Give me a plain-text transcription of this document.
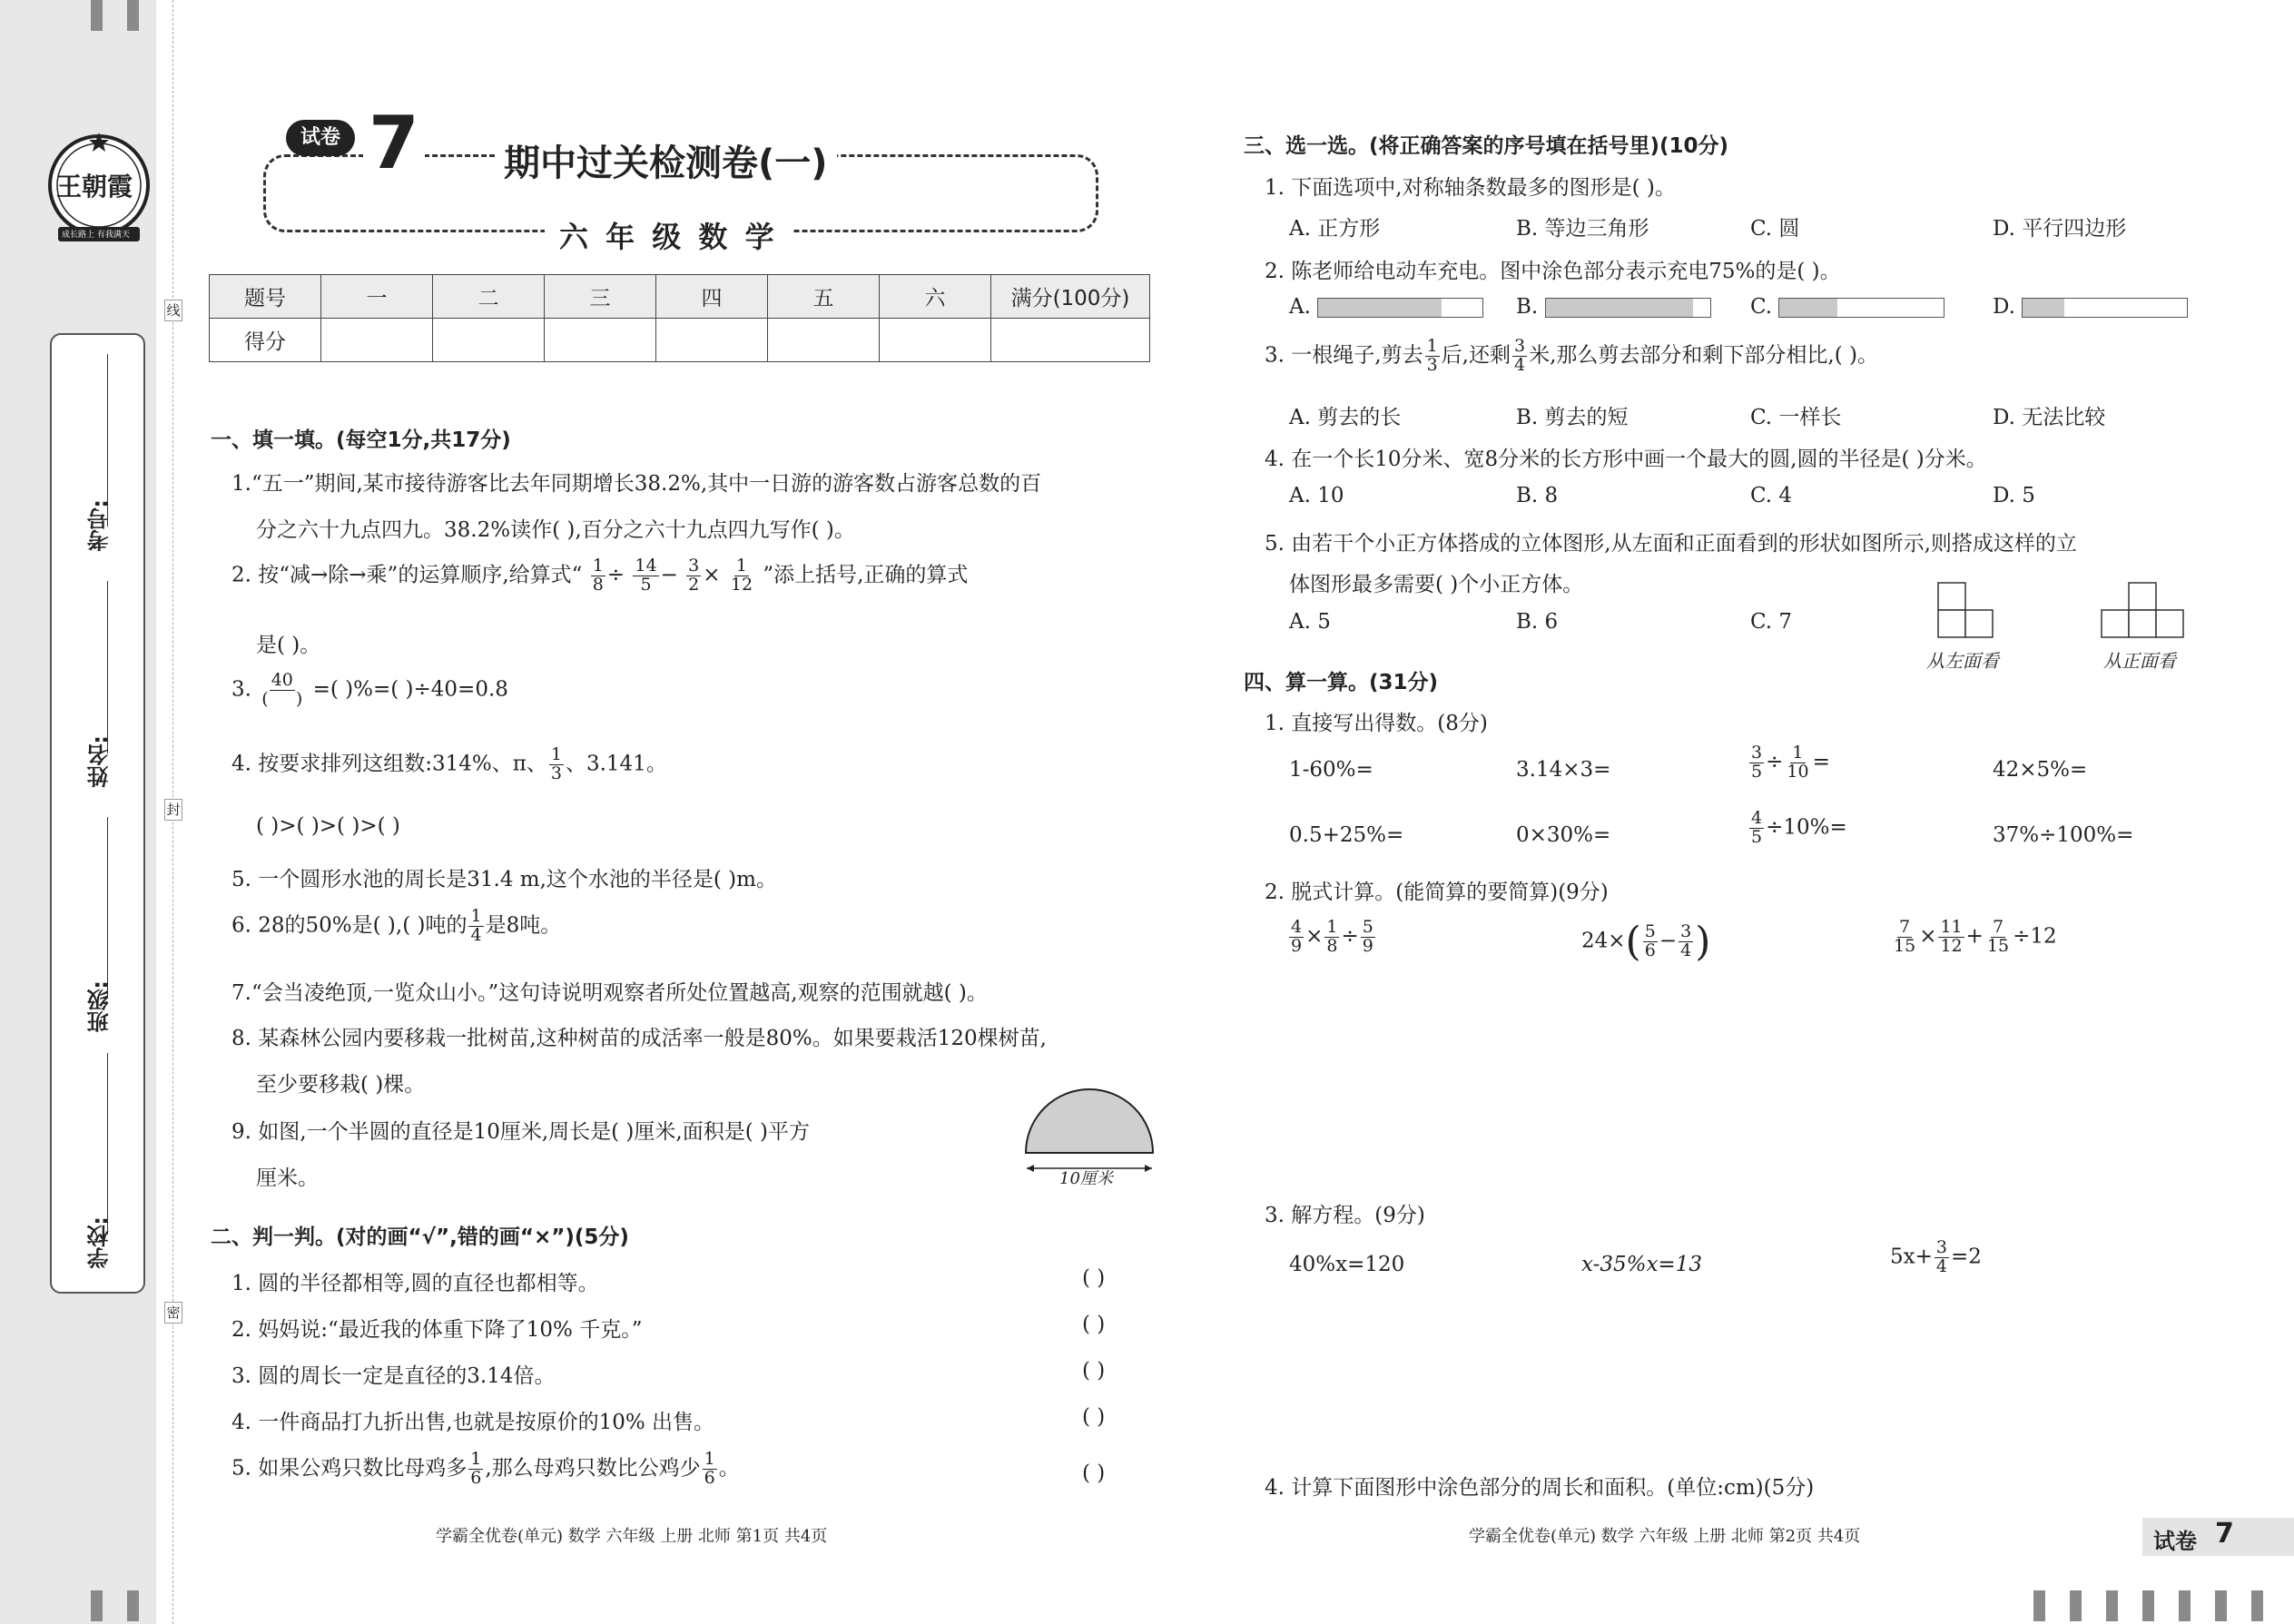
王朝霞
成长路上 有我满天
考号:
姓名:
班级:
学校:
线
封
密
试卷 7 期中过关检测卷(一)
六 年 级 数 学
题号	一	二	三	四	五	六	满分(100分)
得分							
一、填一填。(每空1分,共17分)
1.“五一”期间,某市接待游客比去年同期增长38.2%,其中一日游的游客数占游客总数的百
分之六十九点四九。38.2%读作( ),百分之六十九点四九写作( )。
2. 按“减→除→乘”的运算顺序,给算式“ $\frac{1}{8} \div \frac{14}{5} - \frac{3}{2} \times \frac{1}{12}$ ”添上括号,正确的算式
是( )。
3. $\frac{40}{( )}$ =( )%=( )÷40=0.8
4. 按要求排列这组数:314%、π、 $\frac{1}{3}$ 、3.141。
( )>( )>( )>( )
5. 一个圆形水池的周长是31.4 m,这个水池的半径是( )m。
6. 28的50%是( ),( )吨的 $\frac{1}{4}$ 是8吨。
7.“会当凌绝顶,一览众山小。”这句诗说明观察者所处位置越高,观察的范围就越( )。
8. 某森林公园内要移栽一批树苗,这种树苗的成活率一般是80%。如果要栽活120棵树苗,
至少要移栽( )棵。
9. 如图,一个半圆的直径是10厘米,周长是( )厘米,面积是( )平方
厘米。	10厘米
二、判一判。(对的画“√”,错的画“×”)(5分)
1. 圆的半径都相等,圆的直径也都相等。	( )
2. 妈妈说:“最近我的体重下降了10% 千克。”	( )
3. 圆的周长一定是直径的3.14倍。	( )
4. 一件商品打九折出售,也就是按原价的10% 出售。	( )
5. 如果公鸡只数比母鸡多 $\frac{1}{6}$ ,那么母鸡只数比公鸡少 $\frac{1}{6}$ 。	( )
学霸全优卷(单元) 数学 六年级 上册 北师 第1页 共4页
三、选一选。(将正确答案的序号填在括号里)(10分)
1. 下面选项中,对称轴条数最多的图形是( )。
A. 正方形	B. 等边三角形	C. 圆	D. 平行四边形
2. 陈老师给电动车充电。图中涂色部分表示充电75%的是( )。
A.	B.	C.	D.
3. 一根绳子,剪去 $\frac{1}{3}$ 后,还剩 $\frac{3}{4}$ 米,那么剪去部分和剩下部分相比,( )。
A. 剪去的长	B. 剪去的短	C. 一样长	D. 无法比较
4. 在一个长10分米、宽8分米的长方形中画一个最大的圆,圆的半径是( )分米。
A. 10	B. 8	C. 4	D. 5
5. 由若干个小正方体搭成的立体图形,从左面和正面看到的形状如图所示,则搭成这样的立
体图形最多需要( )个小正方体。
A. 5	B. 6	C. 7
从左面看	从正面看
四、算一算。(31分)
1. 直接写出得数。(8分)
1-60%=	3.14×3=	$\frac{3}{5} \div \frac{1}{10}$ =	42×5%=
0.5+25%=	0×30%=	$\frac{4}{5} \div 10\%=$	37%÷100%=
2. 脱式计算。(能简算的要简算)(9分)
$\frac{4}{9} \times \frac{1}{8} \div \frac{5}{9}$	$24\times( \frac{5}{6} - \frac{3}{4}$ )	$\frac{7}{15} \times \frac{11}{12} + \frac{7}{15} \div 12$
3. 解方程。(9分)
40%x=120	x-35%x=13	$5x+ \frac{3}{4} =2$
4. 计算下面图形中涂色部分的周长和面积。(单位:cm)(5分)
学霸全优卷(单元) 数学 六年级 上册 北师 第2页 共4页	试卷 7
